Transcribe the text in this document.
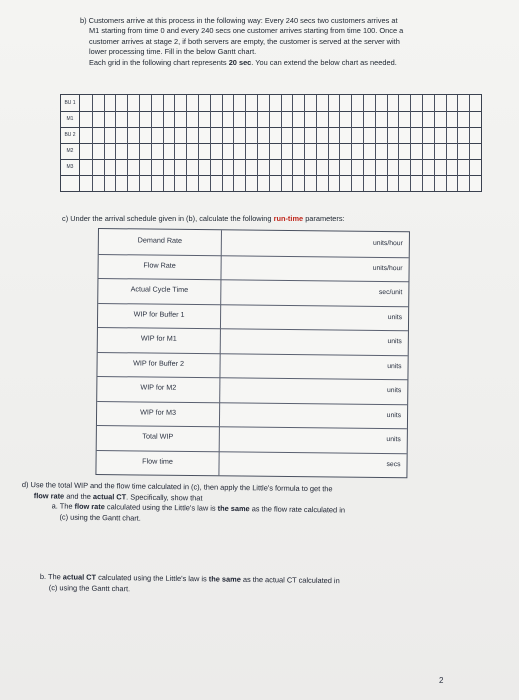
b) Customers arrive at this process in the following way: Every 240 secs two customers arrives at

M1 starting from time 0 and every 240 secs one customer arrives starting from time 100. Once a

customer arrives at stage 2, if both servers are empty, the customer is served at the server with

lower processing time. Fill in the below Gantt chart.

Each grid in the following chart represents 20 sec. You can extend the below chart as needed.

BU 1
M1
BU 2
M2
M3
c) Under the arrival schedule given in (b), calculate the following run-time parameters:
Demand Rate	units/hour
Flow Rate	units/hour
Actual Cycle Time	sec/unit
WIP for Buffer 1	units
WIP for M1	units
WIP for Buffer 2	units
WIP for M2	units
WIP for M3	units
Total WIP	units
Flow time	secs

d) Use the total WIP and the flow time calculated in (c), then apply the Little's formula to get the

flow rate and the actual CT. Specifically, show that

a. The flow rate calculated using the Little's law is the same as the flow rate calculated in

(c) using the Gantt chart.

b. The actual CT calculated using the Little's law is the same as the actual CT calculated in

(c) using the Gantt chart.

2
